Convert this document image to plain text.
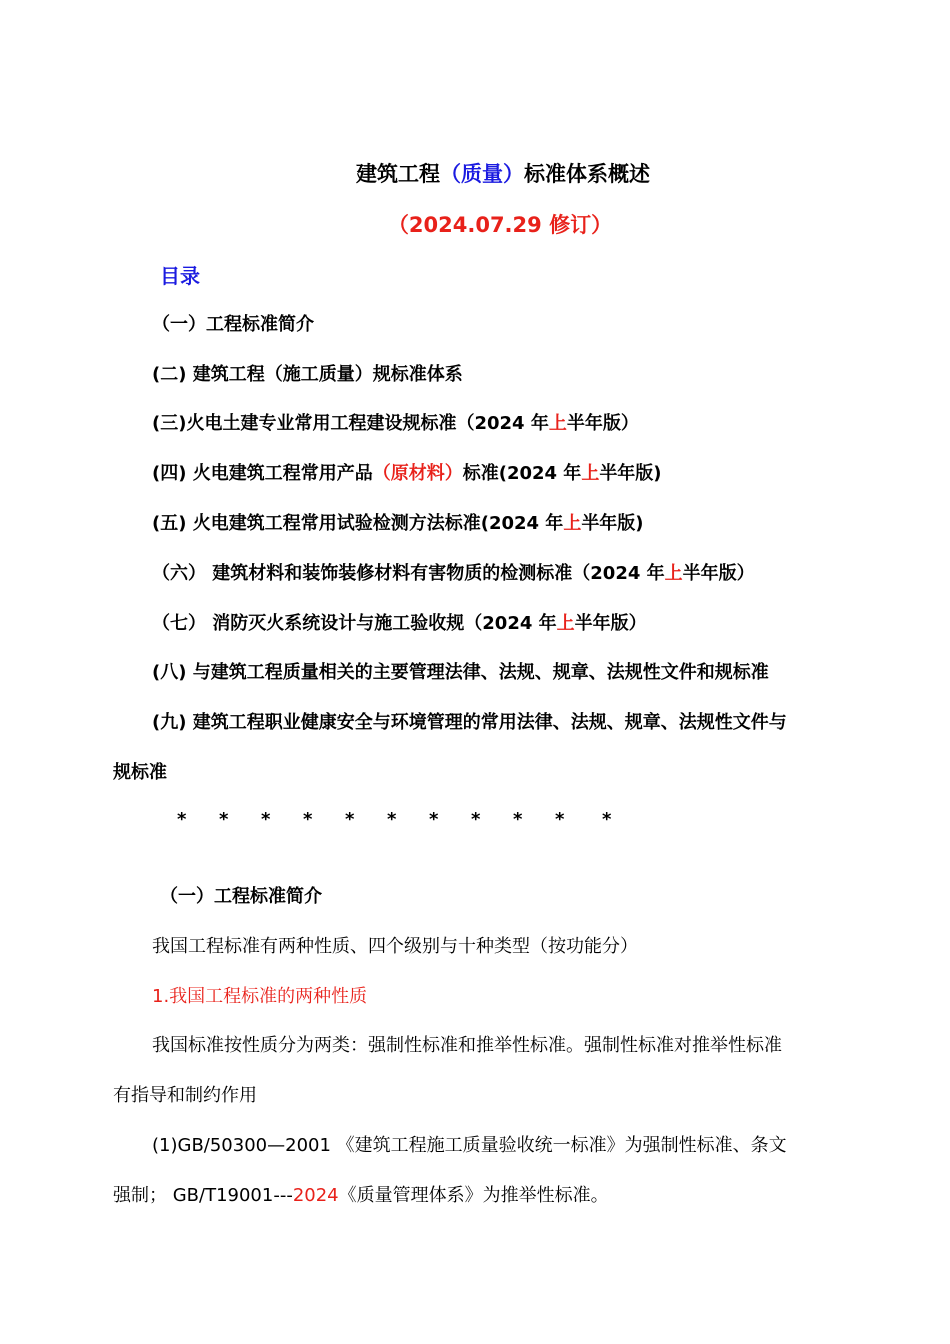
建筑工程（质量）标准体系概述
（2024.07.29 修订）
目录
（一）工程标准简介
(二) 建筑工程（施工质量）规标准体系
(三)火电土建专业常用工程建设规标准（2024 年上半年版）
(四) 火电建筑工程常用产品（原材料）标准(2024 年上半年版)
(五) 火电建筑工程常用试验检测方法标准(2024 年上半年版)
（六） 建筑材料和装饰装修材料有害物质的检测标准（2024 年上半年版）
（七） 消防灭火系统设计与施工验收规（2024 年上半年版）
(八) 与建筑工程质量相关的主要管理法律、法规、规章、法规性文件和规标准
(九) 建筑工程职业健康安全与环境管理的常用法律、法规、规章、法规性文件与
规标准
* * * * * * * * * * *
（一）工程标准简介
我国工程标准有两种性质、四个级别与十种类型（按功能分）
1.我国工程标准的两种性质
我国标准按性质分为两类：强制性标准和推举性标准。强制性标准对推举性标准
有指导和制约作用
(1)GB/50300—2001 《建筑工程施工质量验收统一标准》为强制性标准、条文
强制； GB/T19001---2024《质量管理体系》为推举性标准。
